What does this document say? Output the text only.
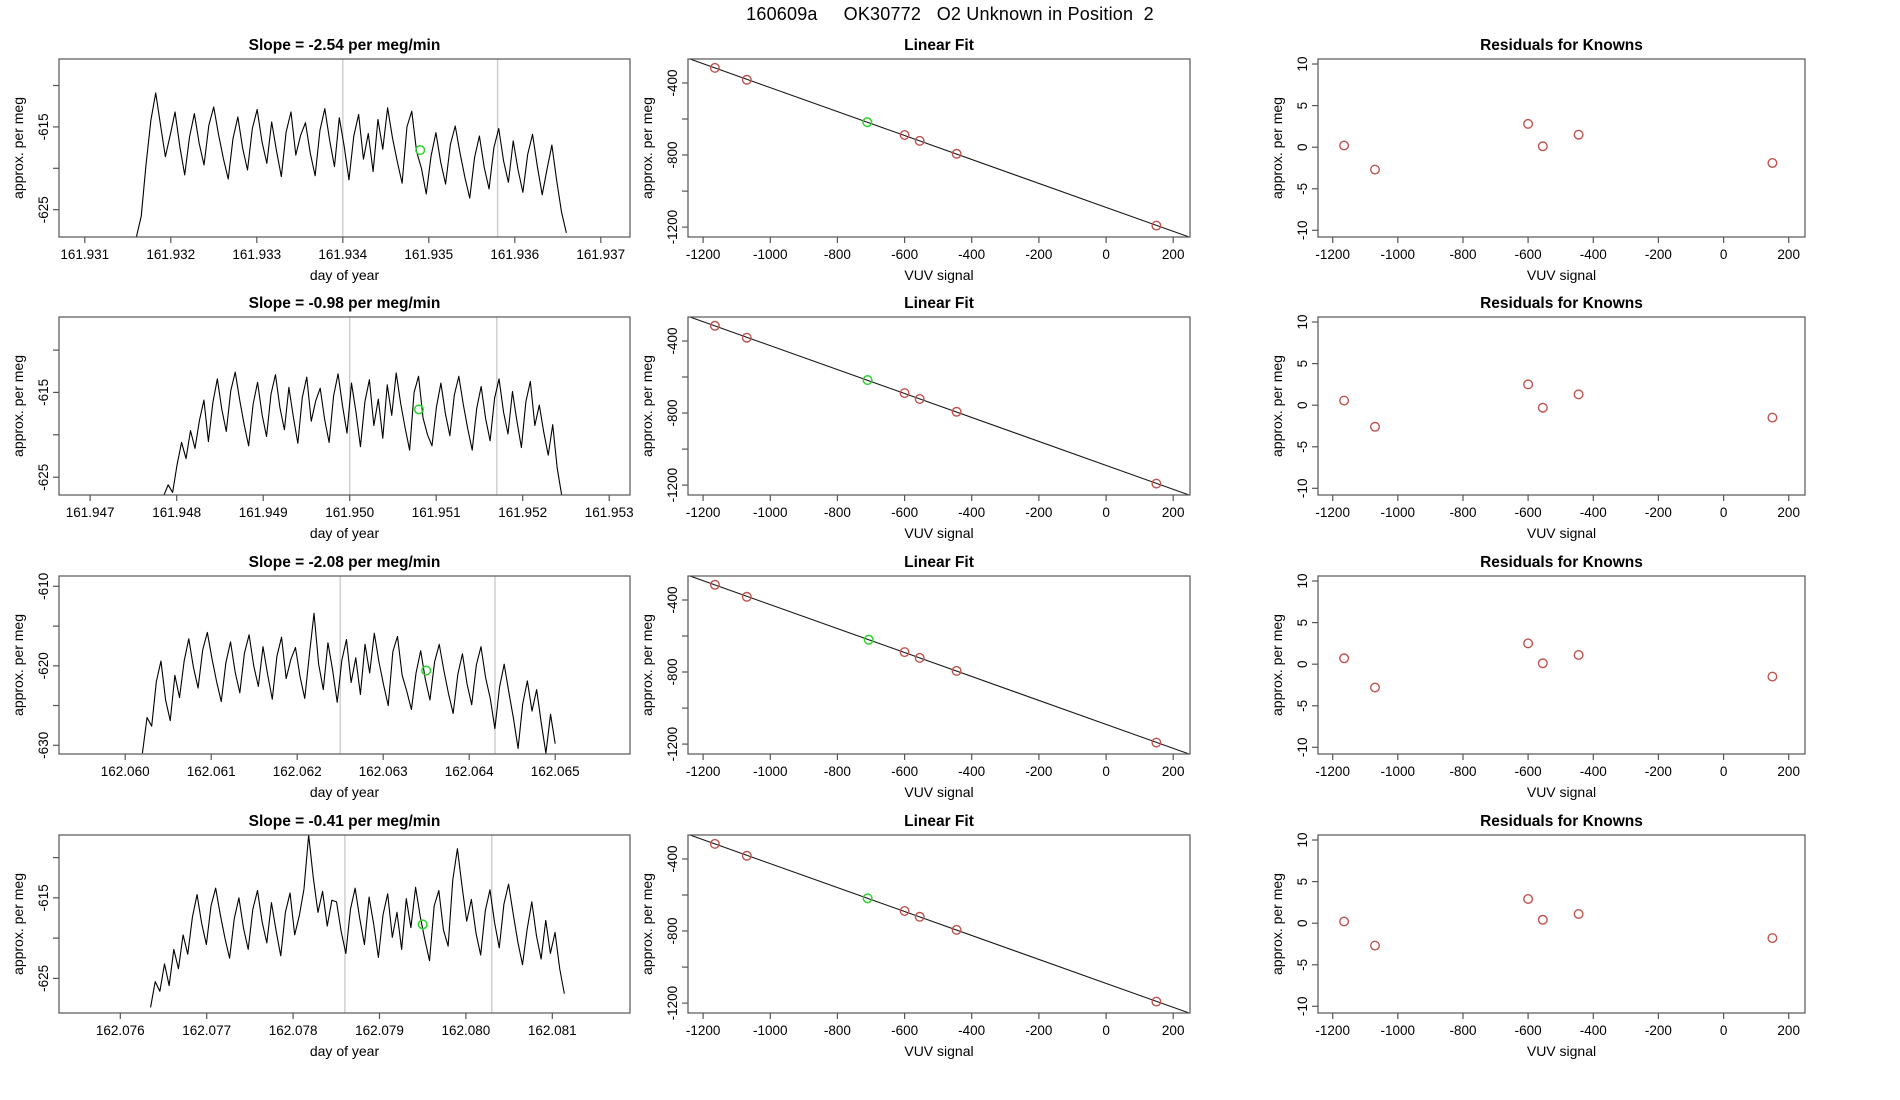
160609a     OK30772   O2 Unknown in Position  2
161.931	161.932	161.933	161.934	161.935	161.936	161.937
-625
-615
Slope = -2.54 per meg/min
day of year
approx. per meg
-1200 -1000	-800	-600	-400	-200	0	200
-1200
-800
-400
Linear Fit
VUV signal
approx. per meg
-1200 -1000	-800	-600	-400	-200	0	200
-10
-5
0
5
10
Residuals for Knowns
VUV signal
approx. per meg
161.947	161.948	161.949	161.950	161.951	161.952	161.953
-625
-615
Slope = -0.98 per meg/min
day of year
approx. per meg
-1200 -1000	-800	-600	-400	-200	0	200
-1200
-800
-400
Linear Fit
VUV signal
approx. per meg
-1200 -1000	-800	-600	-400	-200	0	200
-10
-5
0
5
10
Residuals for Knowns
VUV signal
approx. per meg
162.060	162.061	162.062	162.063	162.064	162.065
-630
-620
-610
Slope = -2.08 per meg/min
day of year
approx. per meg
-1200 -1000	-800	-600	-400	-200	0	200
-1200
-800
-400
Linear Fit
VUV signal
approx. per meg
-1200 -1000	-800	-600	-400	-200	0	200
-10
-5
0
5
10
Residuals for Knowns
VUV signal
approx. per meg
162.076	162.077	162.078	162.079	162.080	162.081
-625
-615
Slope = -0.41 per meg/min
day of year
approx. per meg
-1200 -1000	-800	-600	-400	-200	0	200
-1200
-800
-400
Linear Fit
VUV signal
approx. per meg
-1200 -1000	-800	-600	-400	-200	0	200
-10
-5
0
5
10
Residuals for Knowns
VUV signal
approx. per meg
